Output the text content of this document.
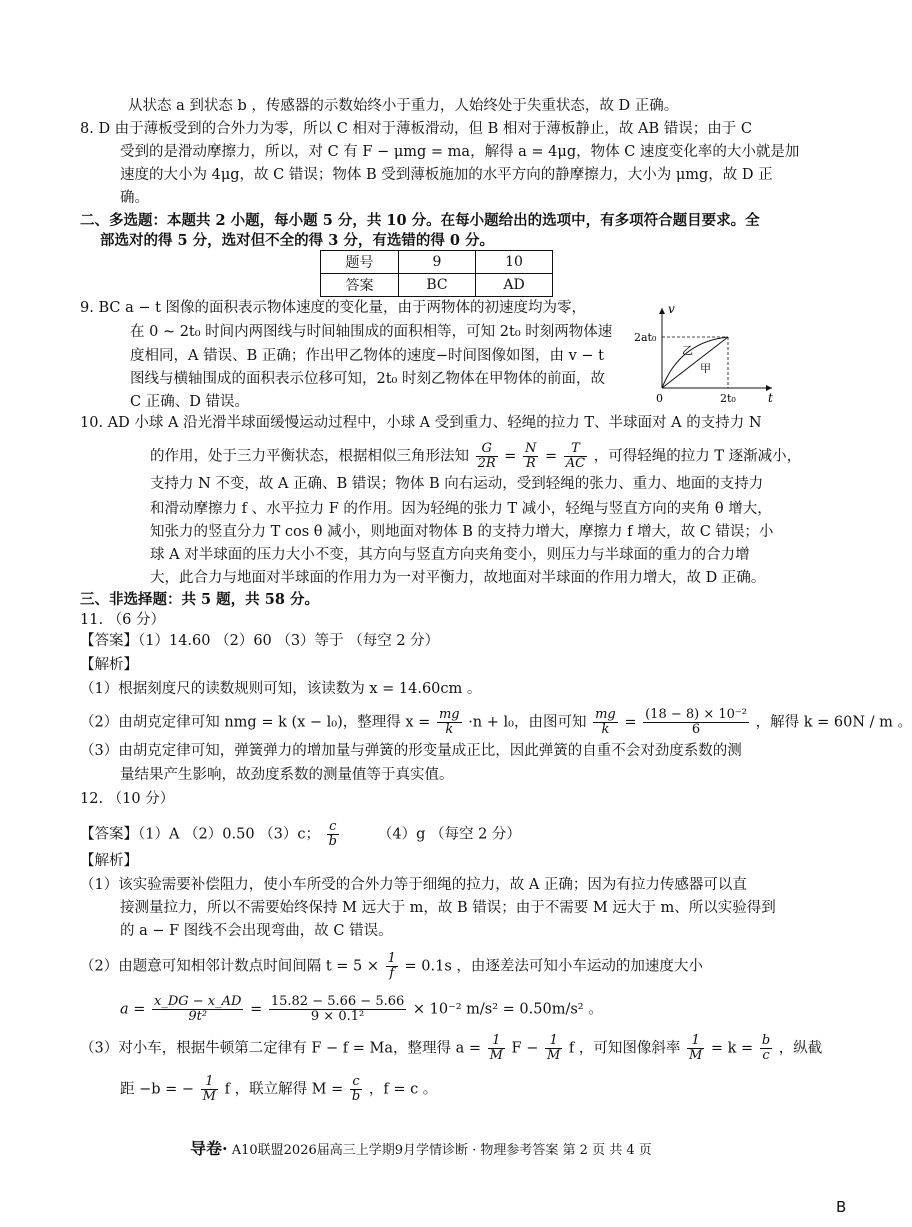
从状态 a 到状态 b ，传感器的示数始终小于重力，人始终处于失重状态，故 D 正确。
8. D 由于薄板受到的合外力为零，所以 C 相对于薄板滑动，但 B 相对于薄板静止，故 AB 错误；由于 C
受到的是滑动摩擦力，所以，对 C 有 F − μmg = ma，解得 a = 4μg，物体 C 速度变化率的大小就是加
速度的大小为 4μg，故 C 错误；物体 B 受到薄板施加的水平方向的静摩擦力，大小为 μmg，故 D 正
确。
二、多选题：本题共 2 小题，每小题 5 分，共 10 分。在每小题给出的选项中，有多项符合题目要求。全
部选对的得 5 分，选对但不全的得 3 分，有选错的得 0 分。
题号	9	10
答案	BC	AD
9. BC a − t 图像的面积表示物体速度的变化量，由于两物体的初速度均为零，
在 0 ~ 2t₀ 时间内两图线与时间轴围成的面积相等，可知 2t₀ 时刻两物体速
度相同，A 错误、B 正确；作出甲乙物体的速度−时间图像如图，由 v − t
图线与横轴围成的面积表示位移可知，2t₀ 时刻乙物体在甲物体的前面，故
C 正确、D 错误。
v
t
2at₀
2t₀
0
乙
甲
10. AD 小球 A 沿光滑半球面缓慢运动过程中，小球 A 受到重力、轻绳的拉力 T、半球面对 A 的支持力 N
的作用，处于三力平衡状态，根据相似三角形法知 $\frac{G}{2R} = \frac{N}{R} = \frac{T}{AC}$ ，可得轻绳的拉力 T 逐渐减小，
支持力 N 不变，故 A 正确、B 错误；物体 B 向右运动，受到轻绳的张力、重力、地面的支持力
和滑动摩擦力 f 、水平拉力 F 的作用。因为轻绳的张力 T 减小，轻绳与竖直方向的夹角 θ 增大，
知张力的竖直分力 T cos θ 减小，则地面对物体 B 的支持力增大，摩擦力 f 增大，故 C 错误；小
球 A 对半球面的压力大小不变，其方向与竖直方向夹角变小，则压力与半球面的重力的合力增
大，此合力与地面对半球面的作用力为一对平衡力，故地面对半球面的作用力增大，故 D 正确。
三、非选择题：共 5 题，共 58 分。
11. （6 分）
【答案】（1）14.60 （2）60 （3）等于 （每空 2 分）
【解析】
（1）根据刻度尺的读数规则可知，该读数为 x = 14.60cm 。
（2）由胡克定律可知 nmg = k (x − l₀)，整理得 $x = \frac{mg}{k} \cdot n + l_0$，由图可知 $\frac{mg}{k} = \frac{\text{(18 − 8) × 10⁻²}}{6}$ ，解得 k = 60N / m 。
（3）由胡克定律可知，弹簧弹力的增加量与弹簧的形变量成正比，因此弹簧的自重不会对劲度系数的测
量结果产生影响，故劲度系数的测量值等于真实值。
12. （10 分）
【答案】（1）A （2）0.50 （3）c； $\frac{c}{b}$	（4）g （每空 2 分）
【解析】
（1）该实验需要补偿阻力，使小车所受的合外力等于细绳的拉力，故 A 正确；因为有拉力传感器可以直
接测量拉力，所以不需要始终保持 M 远大于 m，故 B 错误；由于不需要 M 远大于 m、所以实验得到
的 a − F 图线不会出现弯曲，故 C 错误。
（2）由题意可知相邻计数点时间间隔 $t = 5 \times \frac{1}{f} = 0.1s$ ，由逐差法可知小车运动的加速度大小
$a = \frac{x\_DG - x\_AD}{\text{9t²}} = \frac{15.82 - 5.66 - 5.66}{\text{9 × 0.1²}} \times 10^{-2}$ m/s² = 0.50m/s² 。
（3）对小车，根据牛顿第二定律有 F − f = Ma，整理得 $a = \frac{1}{M}$ $F - \frac{1}{M}$ f ，可知图像斜率 $\frac{1}{M} = k = \frac{b}{c}$ ，纵截
距 −b = − $\frac{1}{M}$ f ，联立解得 $M = \frac{c}{b}$ ，f = c 。
导卷· A10联盟2026届高三上学期9月学情诊断 · 物理参考答案 第 2 页 共 4 页
B
